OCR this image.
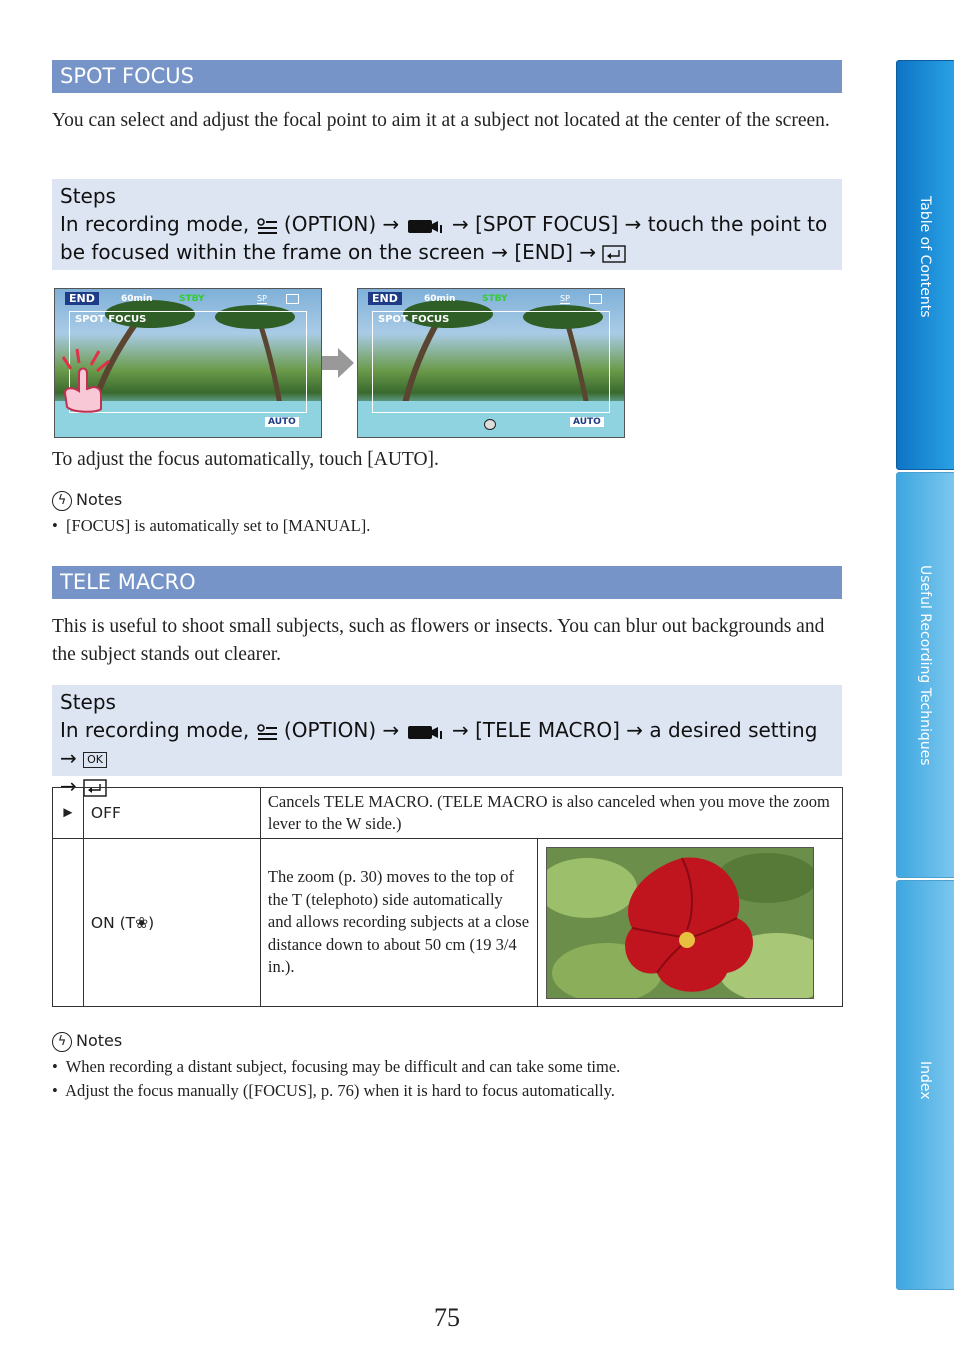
SPOT FOCUS
You can select and adjust the focal point to aim it at a subject not located at the center of the screen.
Steps
In recording mode, (OPTION) →	→ [SPOT FOCUS] → touch the point to be focused within the frame on the screen → [END] →
END	60min	STBY	SP
SPOT FOCUS
AUTO
END	60min	STBY	SP
SPOT FOCUS
AUTO
To adjust the focus automatically, touch [AUTO].
ϟ Notes
•  [FOCUS] is automatically set to [MANUAL].
TELE MACRO
This is useful to shoot small subjects, such as flowers or insects. You can blur out backgrounds and the subject stands out clearer.
Steps
In recording mode, (OPTION) →	→ [TELE MACRO] → a desired setting → OK
→
►	OFF	Cancels TELE MACRO. (TELE MACRO is also canceled when you move the zoom lever to the W side.)	
	ON (T❀)	The zoom (p. 30) moves to the top of the T (telephoto) side automatically and allows recording subjects at a close distance down to about 50 cm (19 3/4 in.).	
ϟ Notes
•  When recording a distant subject, focusing may be difficult and can take some time.
•  Adjust the focus manually ([FOCUS], p. 76) when it is hard to focus automatically.
Table of Contents
Useful Recording Techniques
Index
75
